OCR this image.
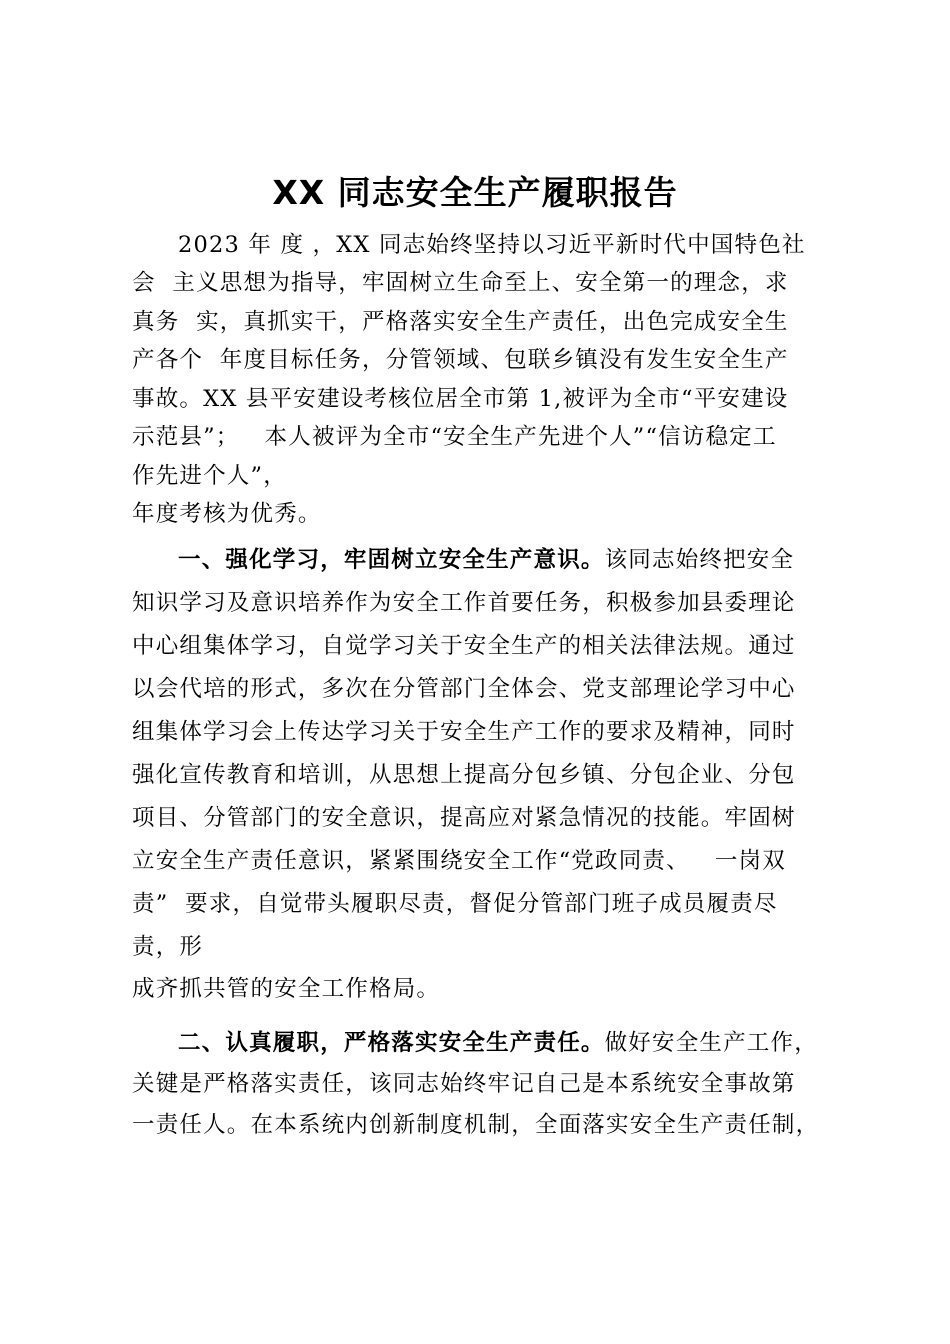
XX 同志安全生产履职报告

2023 年 度 ，XX 同志始终坚持以习近平新时代中国特色社

会  主义思想为指导，牢固树立生命至上、安全第一的理念，求

真务  实，真抓实干，严格落实安全生产责任，出色完成安全生

产各个  年度目标任务，分管领域、包联乡镇没有发生安全生产

事故。XX 县平安建设考核位居全市第 1,被评为全市“平安建设

示范县”；   本人被评为全市“安全生产先进个人”“信访稳定工

作先进个人”，

年度考核为优秀。

一、强化学习，牢固树立安全生产意识。该同志始终把安全

知识学习及意识培养作为安全工作首要任务，积极参加县委理论

中心组集体学习，自觉学习关于安全生产的相关法律法规。通过

以会代培的形式，多次在分管部门全体会、党支部理论学习中心

组集体学习会上传达学习关于安全生产工作的要求及精神，同时

强化宣传教育和培训，从思想上提高分包乡镇、分包企业、分包

项目、分管部门的安全意识，提高应对紧急情况的技能。牢固树

立安全生产责任意识，紧紧围绕安全工作“党政同责、   一岗双

责”  要求，自觉带头履职尽责，督促分管部门班子成员履责尽

责，形

成齐抓共管的安全工作格局。

二、认真履职，严格落实安全生产责任。做好安全生产工作，

关键是严格落实责任，该同志始终牢记自己是本系统安全事故第

一责任人。在本系统内创新制度机制，全面落实安全生产责任制，
